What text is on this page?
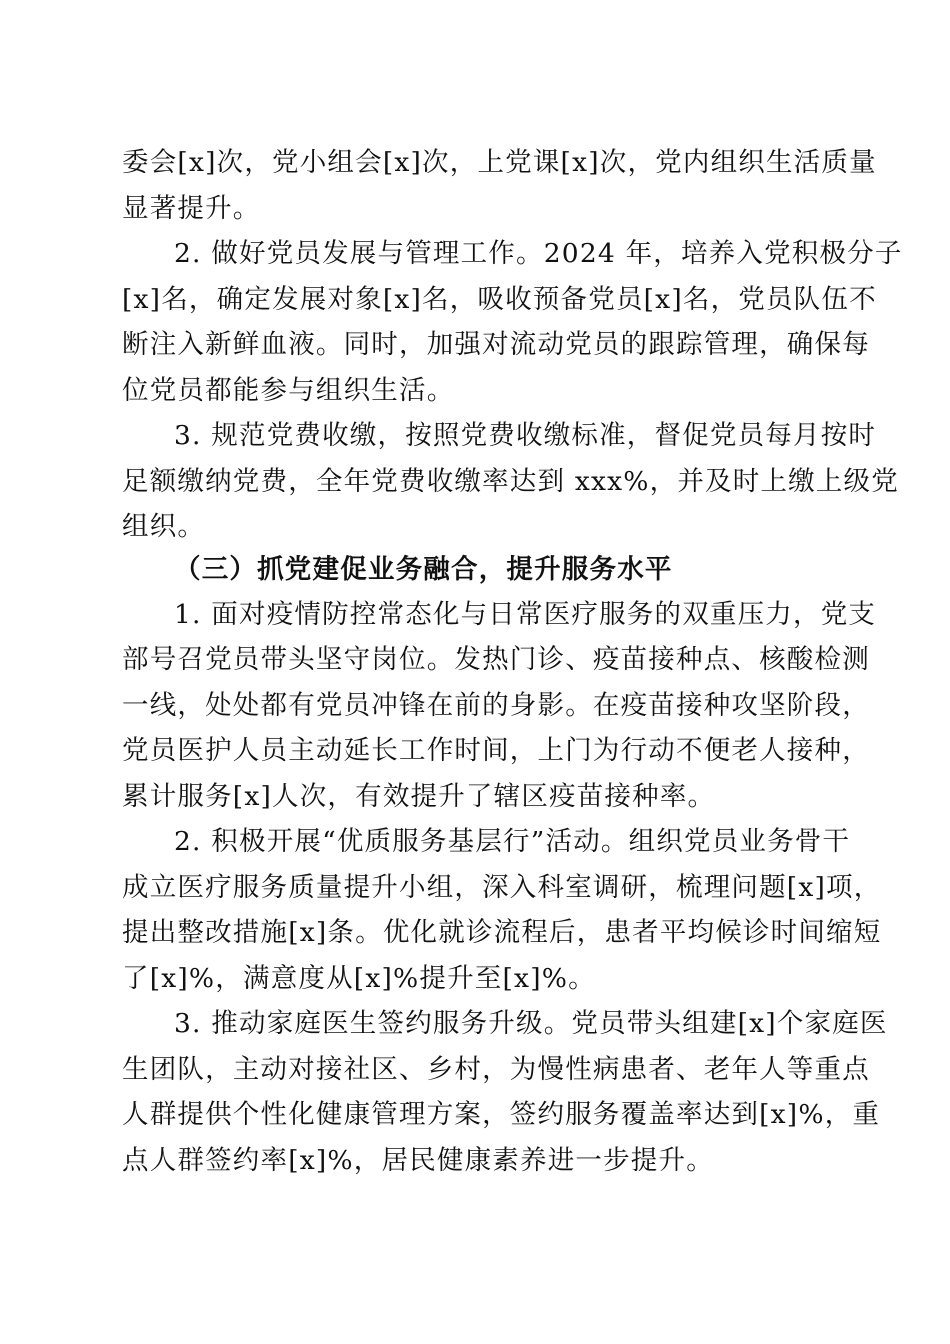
委会[x]次，党小组会[x]次，上党课[x]次，党内组织生活质量
显著提升。
2. 做好党员发展与管理工作。2024 年，培养入党积极分子
[x]名，确定发展对象[x]名，吸收预备党员[x]名，党员队伍不
断注入新鲜血液。同时，加强对流动党员的跟踪管理，确保每
位党员都能参与组织生活。
3. 规范党费收缴，按照党费收缴标准，督促党员每月按时
足额缴纳党费，全年党费收缴率达到 xxx%，并及时上缴上级党
组织。
（三）抓党建促业务融合，提升服务水平
1. 面对疫情防控常态化与日常医疗服务的双重压力，党支
部号召党员带头坚守岗位。发热门诊、疫苗接种点、核酸检测
一线，处处都有党员冲锋在前的身影。在疫苗接种攻坚阶段，
党员医护人员主动延长工作时间，上门为行动不便老人接种，
累计服务[x]人次，有效提升了辖区疫苗接种率。
2. 积极开展“优质服务基层行”活动。组织党员业务骨干
成立医疗服务质量提升小组，深入科室调研，梳理问题[x]项，
提出整改措施[x]条。优化就诊流程后，患者平均候诊时间缩短
了[x]%，满意度从[x]%提升至[x]%。
3. 推动家庭医生签约服务升级。党员带头组建[x]个家庭医
生团队，主动对接社区、乡村，为慢性病患者、老年人等重点
人群提供个性化健康管理方案，签约服务覆盖率达到[x]%，重
点人群签约率[x]%，居民健康素养进一步提升。
